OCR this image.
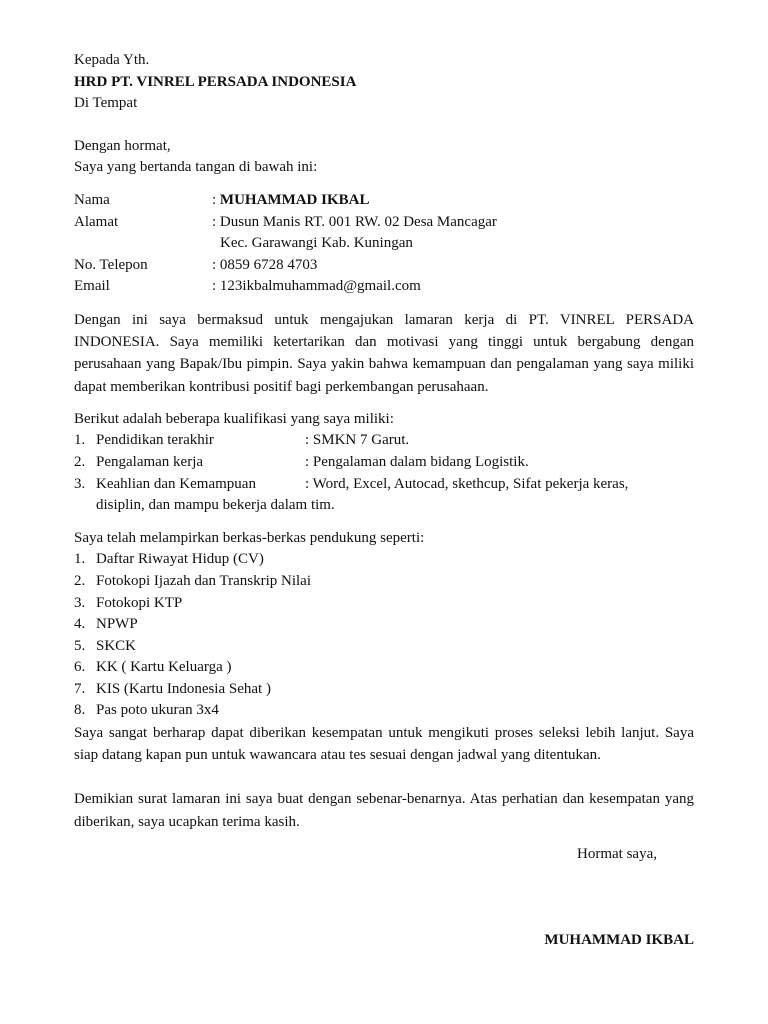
Kepada Yth.
HRD PT. VINREL PERSADA INDONESIA
Di Tempat
Dengan hormat,
Saya yang bertanda tangan di bawah ini:
Nama	: MUHAMMAD IKBAL
Alamat	: Dusun Manis RT. 001 RW. 02 Desa Mancagar
Kec. Garawangi Kab. Kuningan
No. Telepon	: 0859 6728 4703
Email	: 123ikbalmuhammad@gmail.com
Dengan ini saya bermaksud untuk mengajukan lamaran kerja di PT. VINREL PERSADA INDONESIA. Saya memiliki ketertarikan dan motivasi yang tinggi untuk bergabung dengan perusahaan yang Bapak/Ibu pimpin. Saya yakin bahwa kemampuan dan pengalaman yang saya miliki dapat memberikan kontribusi positif bagi perkembangan perusahaan.
Berikut adalah beberapa kualifikasi yang saya miliki:
1. Pendidikan terakhir	: SMKN 7 Garut.
2. Pengalaman kerja	: Pengalaman dalam bidang Logistik.
3. Keahlian dan Kemampuan	: Word, Excel, Autocad, skethcup, Sifat pekerja keras,
disiplin, dan mampu bekerja dalam tim.
Saya telah melampirkan berkas-berkas pendukung seperti:
1. Daftar Riwayat Hidup (CV)
2. Fotokopi Ijazah dan Transkrip Nilai
3. Fotokopi KTP
4. NPWP
5. SKCK
6. KK ( Kartu Keluarga )
7. KIS (Kartu Indonesia Sehat )
8. Pas poto ukuran 3x4
Saya sangat berharap dapat diberikan kesempatan untuk mengikuti proses seleksi lebih lanjut. Saya siap datang kapan pun untuk wawancara atau tes sesuai dengan jadwal yang ditentukan.
Demikian surat lamaran ini saya buat dengan sebenar-benarnya. Atas perhatian dan kesempatan yang diberikan, saya ucapkan terima kasih.
Hormat saya,
MUHAMMAD IKBAL
